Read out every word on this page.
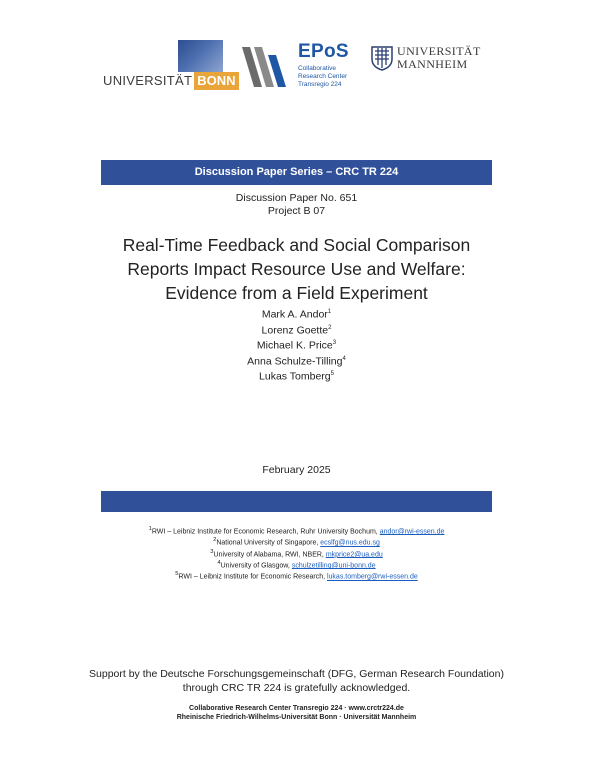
UNIVERSITÄT BONN
EPoS
Collaborative
Research Center
Transregio 224
UNIVERSITÄT
MANNHEIM
Discussion Paper Series – CRC TR 224
Discussion Paper No. 651
Project B 07
Real-Time Feedback and Social Comparison
Reports Impact Resource Use and Welfare:
Evidence from a Field Experiment
Mark A. Andor$^1$
Lorenz Goette$^2$
Michael K. Price$^3$
Anna Schulze-Tilling$^4$
Lukas Tomberg$^5$
February 2025
$^1$RWI – Leibniz Institute for Economic Research, Ruhr University Bochum, andor@rwi-essen.de
$^2$National University of Singapore, ecslfg@nus.edu.sg
$^3$University of Alabama, RWI, NBER, mkprice2@ua.edu
$^4$University of Glasgow, schulzetilling@uni-bonn.de
$^5$RWI – Leibniz Institute for Economic Research, lukas.tomberg@rwi-essen.de
Support by the Deutsche Forschungsgemeinschaft (DFG, German Research Foundation)
through CRC TR 224 is gratefully acknowledged.
Collaborative Research Center Transregio 224 · www.crctr224.de
Rheinische Friedrich-Wilhelms-Universität Bonn · Universität Mannheim
